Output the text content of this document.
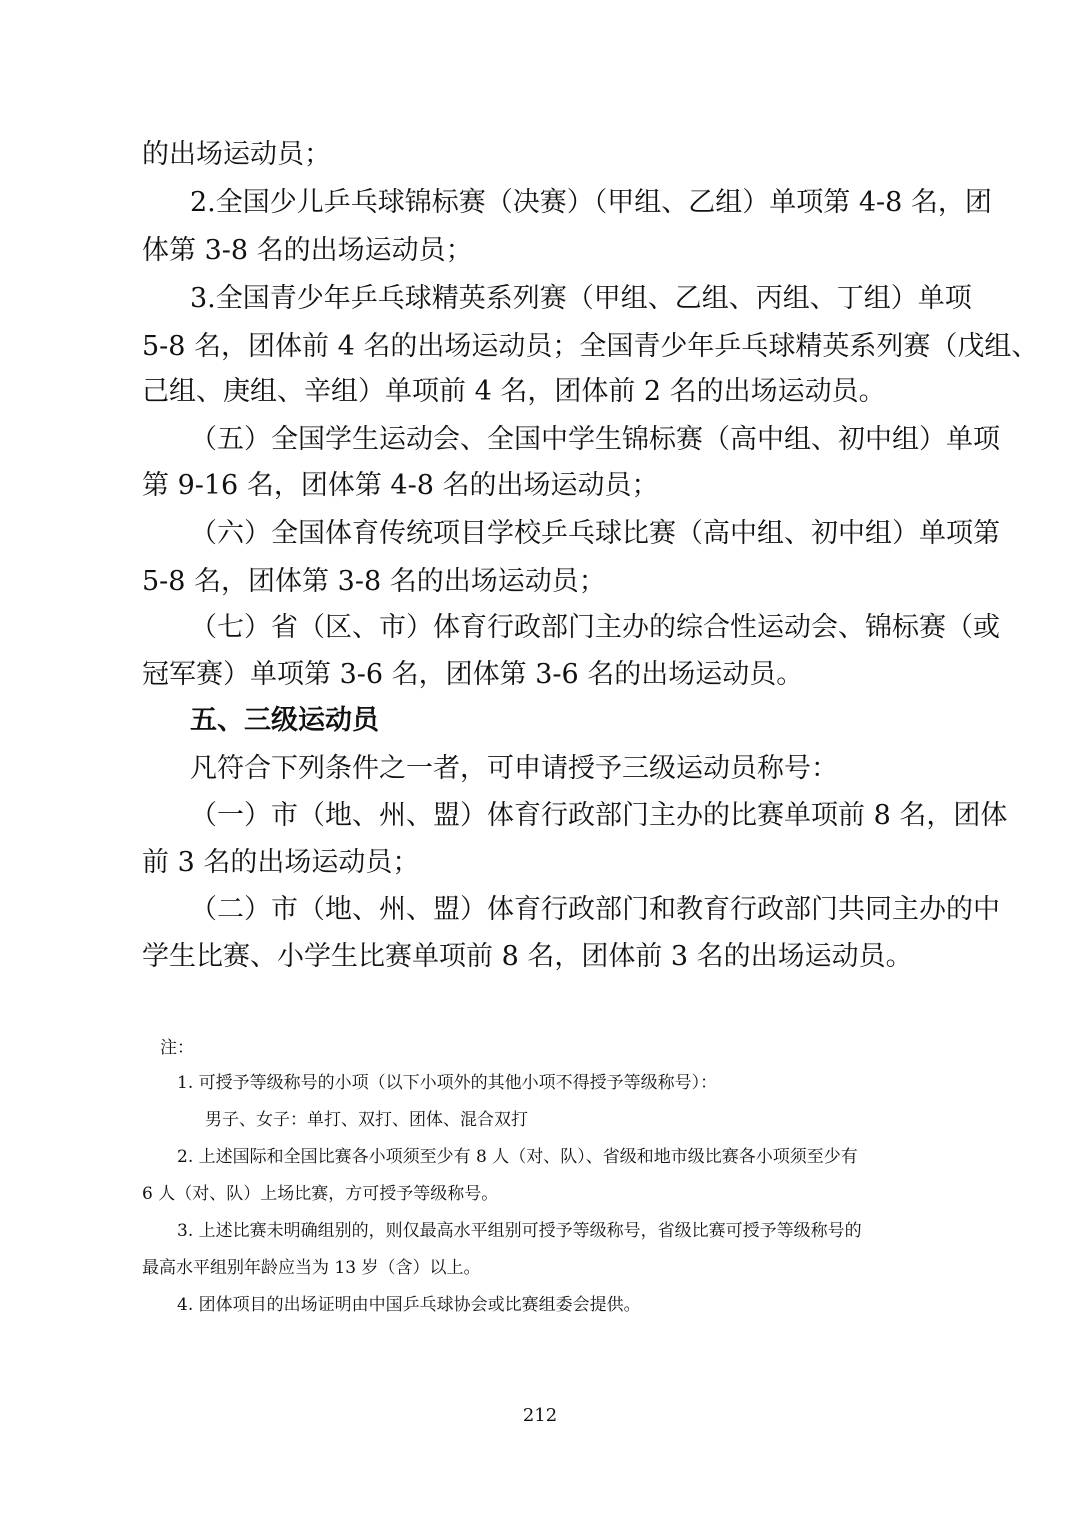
的出场运动员；
2.全国少儿乒乓球锦标赛（决赛）（甲组、乙组）单项第 4-8 名，团
体第 3-8 名的出场运动员；
3.全国青少年乒乓球精英系列赛（甲组、乙组、丙组、丁组）单项
5-8 名，团体前 4 名的出场运动员；全国青少年乒乓球精英系列赛（戊组、
己组、庚组、辛组）单项前 4 名，团体前 2 名的出场运动员。
（五）全国学生运动会、全国中学生锦标赛（高中组、初中组）单项
第 9-16 名，团体第 4-8 名的出场运动员；
（六）全国体育传统项目学校乒乓球比赛（高中组、初中组）单项第
5-8 名，团体第 3-8 名的出场运动员；
（七）省（区、市）体育行政部门主办的综合性运动会、锦标赛（或
冠军赛）单项第 3-6 名，团体第 3-6 名的出场运动员。
五、三级运动员
凡符合下列条件之一者，可申请授予三级运动员称号：
（一）市（地、州、盟）体育行政部门主办的比赛单项前 8 名，团体
前 3 名的出场运动员；
（二）市（地、州、盟）体育行政部门和教育行政部门共同主办的中
学生比赛、小学生比赛单项前 8 名，团体前 3 名的出场运动员。
注：
1. 可授予等级称号的小项（以下小项外的其他小项不得授予等级称号）：
男子、女子：单打、双打、团体、混合双打
2. 上述国际和全国比赛各小项须至少有 8 人（对、队）、省级和地市级比赛各小项须至少有
6 人（对、队）上场比赛，方可授予等级称号。
3. 上述比赛未明确组别的，则仅最高水平组别可授予等级称号，省级比赛可授予等级称号的
最高水平组别年龄应当为 13 岁（含）以上。
4. 团体项目的出场证明由中国乒乓球协会或比赛组委会提供。
212
